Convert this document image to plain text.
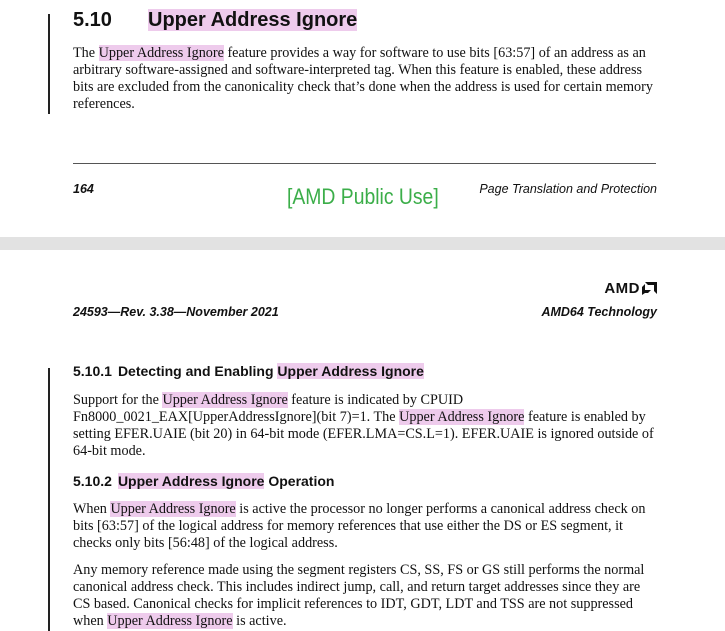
5.10 Upper Address Ignore
The Upper Address Ignore feature provides a way for software to use bits [63:57] of an address as an arbitrary software-assigned and software-interpreted tag. When this feature is enabled, these address bits are excluded from the canonicality check that’s done when the address is used for certain memory references.
164	[AMD Public Use]	Page Translation and Protection
AMD
24593—Rev. 3.38—November 2021	AMD64 Technology
5.10.1 Detecting and Enabling Upper Address Ignore
Support for the Upper Address Ignore feature is indicated by CPUID Fn8000_0021_EAX[UpperAddressIgnore](bit 7)=1. The Upper Address Ignore feature is enabled by setting EFER.UAIE (bit 20) in 64-bit mode (EFER.LMA=CS.L=1). EFER.UAIE is ignored outside of 64-bit mode.
5.10.2 Upper Address Ignore Operation
When Upper Address Ignore is active the processor no longer performs a canonical address check on bits [63:57] of the logical address for memory references that use either the DS or ES segment, it checks only bits [56:48] of the logical address.
Any memory reference made using the segment registers CS, SS, FS or GS still performs the normal canonical address check. This includes indirect jump, call, and return target addresses since they are CS based. Canonical checks for implicit references to IDT, GDT, LDT and TSS are not suppressed when Upper Address Ignore is active.
